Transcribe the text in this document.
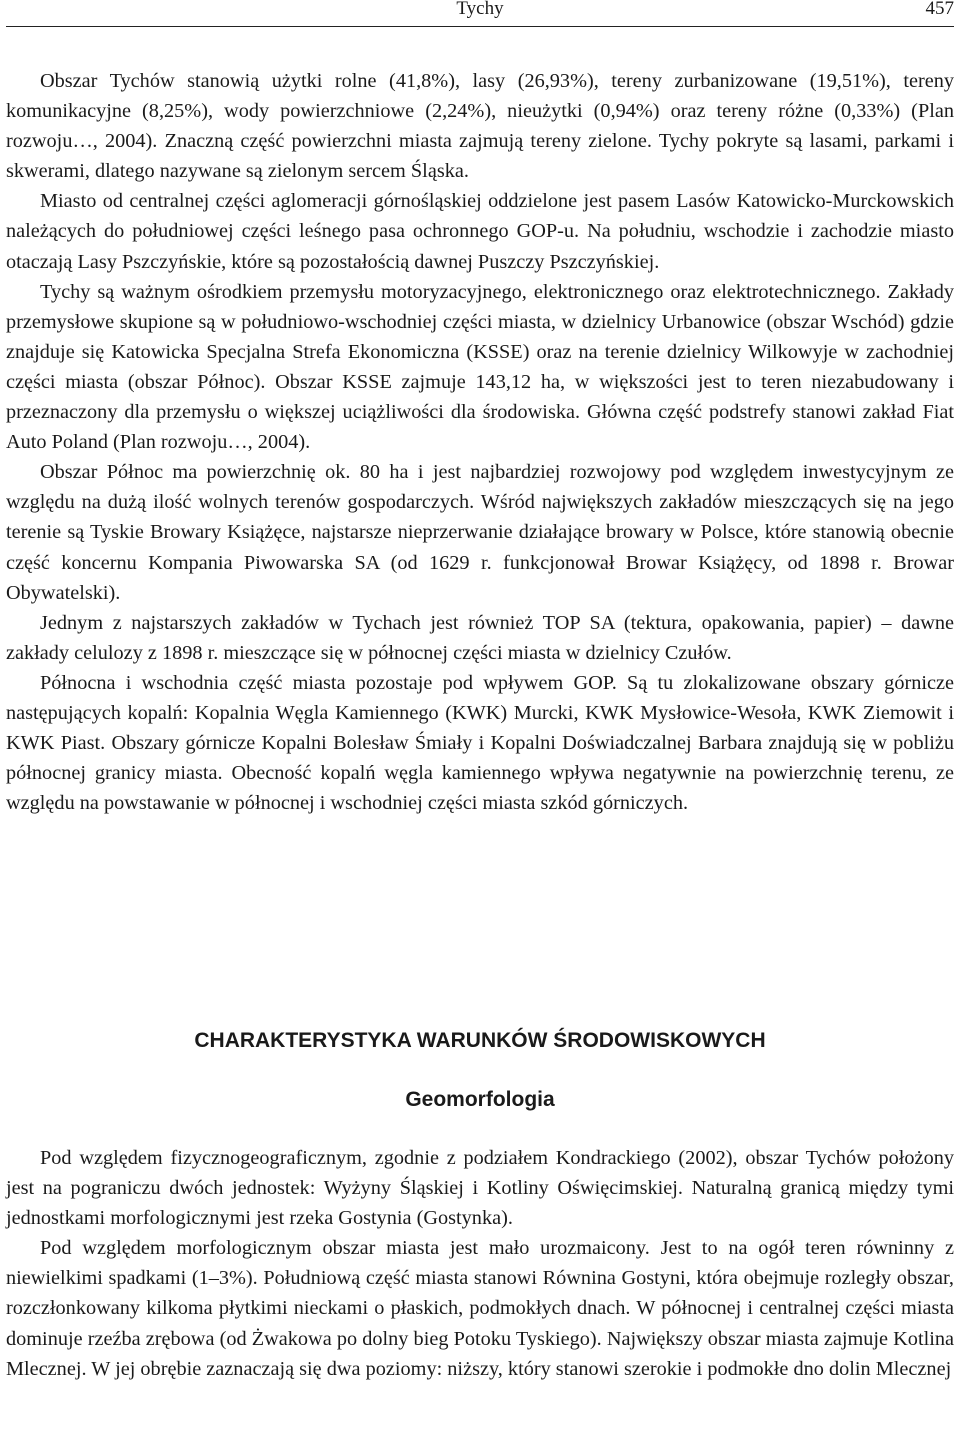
Tychy	457

Obszar Tychów stanowią użytki rolne (41,8%), lasy (26,93%), tereny zurbanizowane (19,51%), tereny komunikacyjne (8,25%), wody powierzchniowe (2,24%), nieużytki (0,94%) oraz tereny różne (0,33%) (Plan rozwoju…, 2004). Znaczną część powierzchni miasta zajmują tereny zielone. Tychy pokryte są lasami, parkami i skwerami, dlatego nazywane są zielonym sercem Śląska.

Miasto od centralnej części aglomeracji górnośląskiej oddzielone jest pasem Lasów Katowicko-Murckowskich należących do południowej części leśnego pasa ochronnego GOP-u. Na południu, wschodzie i zachodzie miasto otaczają Lasy Pszczyńskie, które są pozostałością dawnej Puszczy Pszczyńskiej.

Tychy są ważnym ośrodkiem przemysłu motoryzacyjnego, elektronicznego oraz elektrotechnicznego. Zakłady przemysłowe skupione są w południowo-wschodniej części miasta, w dzielnicy Urbanowice (obszar Wschód) gdzie znajduje się Katowicka Specjalna Strefa Ekonomiczna (KSSE) oraz na terenie dzielnicy Wilkowyje w zachodniej części miasta (obszar Północ). Obszar KSSE zajmuje 143,12 ha, w większości jest to teren niezabudowany i przeznaczony dla przemysłu o większej uciążliwości dla środowiska. Główna część podstrefy stanowi zakład Fiat Auto Poland (Plan rozwoju…, 2004).

Obszar Północ ma powierzchnię ok. 80 ha i jest najbardziej rozwojowy pod względem inwestycyjnym ze względu na dużą ilość wolnych terenów gospodarczych. Wśród największych zakładów mieszczących się na jego terenie są Tyskie Browary Książęce, najstarsze nieprzerwanie działające browary w Polsce, które stanowią obecnie część koncernu Kompania Piwowarska SA (od 1629 r. funkcjonował Browar Książęcy, od 1898 r. Browar Obywatelski).

Jednym z najstarszych zakładów w Tychach jest również TOP SA (tektura, opakowania, papier) – dawne zakłady celulozy z 1898 r. mieszczące się w północnej części miasta w dzielnicy Czułów.

Północna i wschodnia część miasta pozostaje pod wpływem GOP. Są tu zlokalizowane obszary górnicze następujących kopalń: Kopalnia Węgla Kamiennego (KWK) Murcki, KWK Mysłowice-Wesoła, KWK Ziemowit i KWK Piast. Obszary górnicze Kopalni Bolesław Śmiały i Kopalni Doświadczalnej Barbara znajdują się w pobliżu północnej granicy miasta. Obecność kopalń węgla kamiennego wpływa negatywnie na powierzchnię terenu, ze względu na powstawanie w północnej i wschodniej części miasta szkód górniczych.

CHARAKTERYSTYKA WARUNKÓW ŚRODOWISKOWYCH
Geomorfologia

Pod względem fizycznogeograficznym, zgodnie z podziałem Kondrackiego (2002), obszar Tychów położony jest na pograniczu dwóch jednostek: Wyżyny Śląskiej i Kotliny Oświęcimskiej. Naturalną granicą między tymi jednostkami morfologicznymi jest rzeka Gostynia (Gostynka).

Pod względem morfologicznym obszar miasta jest mało urozmaicony. Jest to na ogół teren równinny z niewielkimi spadkami (1–3%). Południową część miasta stanowi Równina Gostyni, która obejmuje rozległy obszar, rozczłonkowany kilkoma płytkimi nieckami o płaskich, podmokłych dnach. W północnej i centralnej części miasta dominuje rzeźba zrębowa (od Żwakowa po dolny bieg Potoku Tyskiego). Największy obszar miasta zajmuje Kotlina Mlecznej. W jej obrębie zaznaczają się dwa poziomy: niższy, który stanowi szerokie i podmokłe dno dolin Mlecznej
